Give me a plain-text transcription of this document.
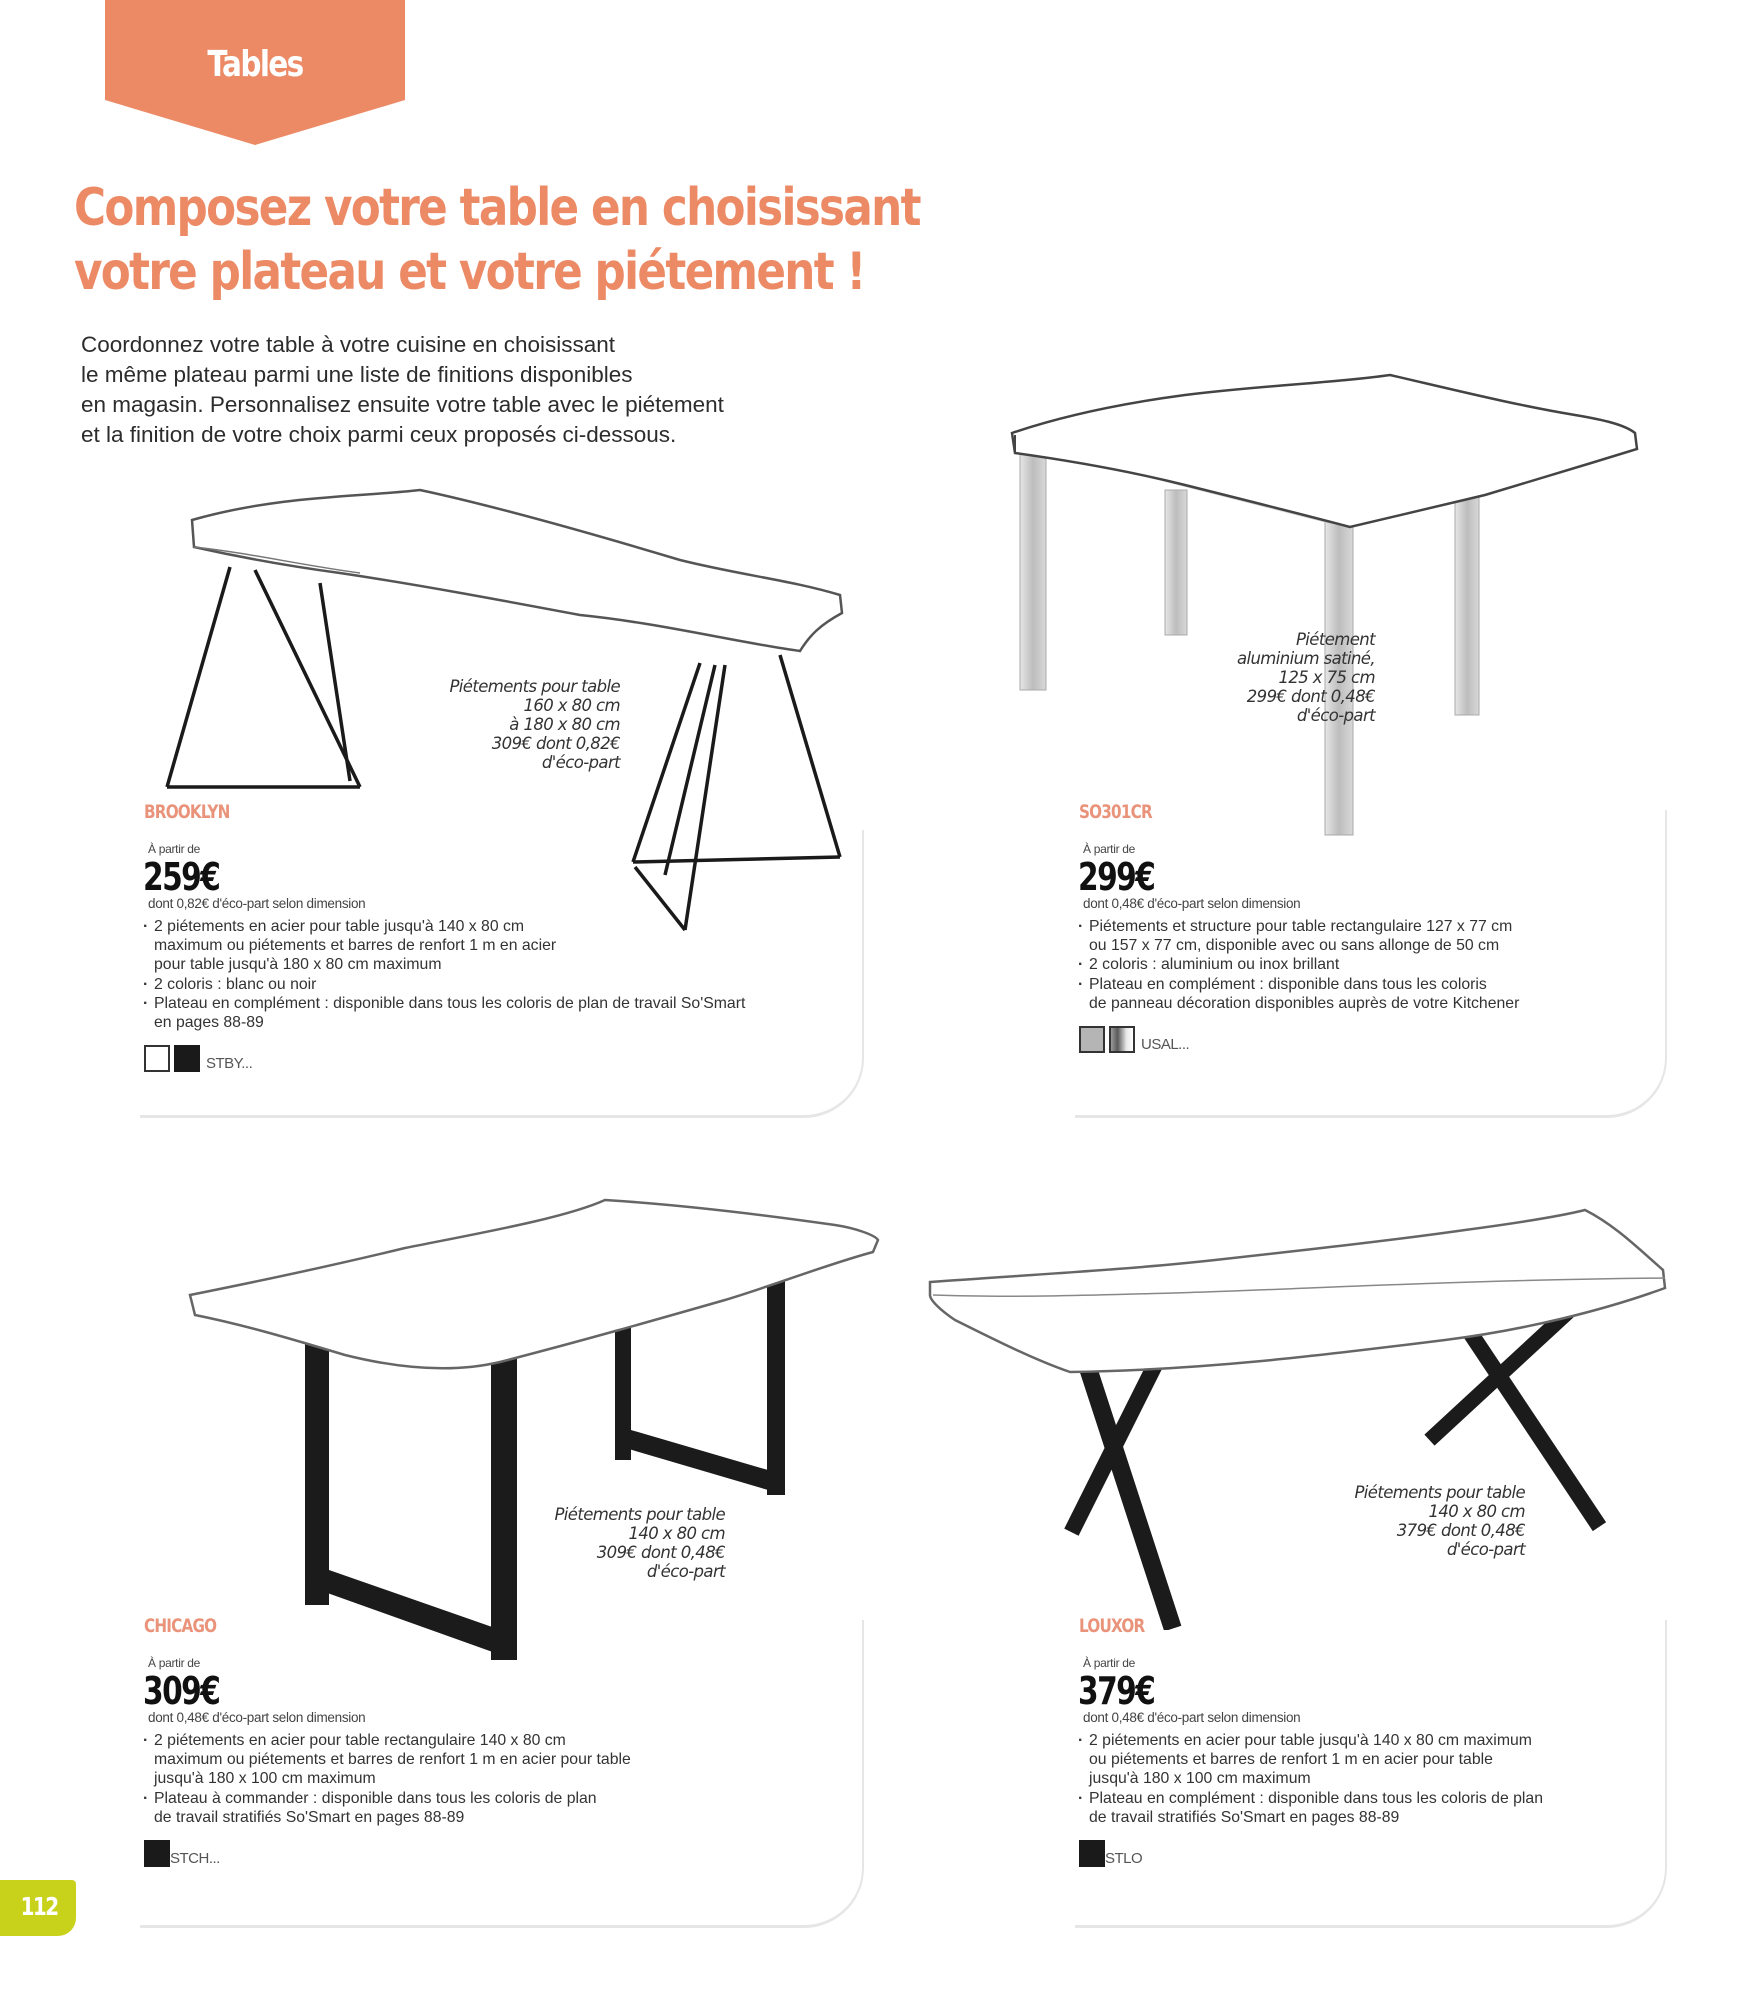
Tables
Composez votre table en choisissant
votre plateau et votre piétement !
Coordonnez votre table à votre cuisine en choisissant
le même plateau parmi une liste de finitions disponibles
en magasin. Personnalisez ensuite votre table avec le piétement
et la finition de votre choix parmi ceux proposés ci-dessous.
Piétements pour table
160 x 80 cm
à 180 x 80 cm
309€ dont 0,82€
d'éco-part
BROOKLYN
À partir de
259€
dont 0,82€ d'éco-part selon dimension
· 2 piétements en acier pour table jusqu'à 140 x 80 cm
maximum ou piétements et barres de renfort 1 m en acier
pour table jusqu'à 180 x 80 cm maximum
· 2 coloris : blanc ou noir
· Plateau en complément : disponible dans tous les coloris de plan de travail So'Smart
en pages 88-89
STBY...
Piétement
aluminium satiné,
125 x 75 cm
299€ dont 0,48€
d'éco-part
SO301CR
À partir de
299€
dont 0,48€ d'éco-part selon dimension
· Piétements et structure pour table rectangulaire 127 x 77 cm
ou 157 x 77 cm, disponible avec ou sans allonge de 50 cm
· 2 coloris : aluminium ou inox brillant
· Plateau en complément : disponible dans tous les coloris
de panneau décoration disponibles auprès de votre Kitchener
USAL...
Piétements pour table
140 x 80 cm
309€ dont 0,48€
d'éco-part
CHICAGO
À partir de
309€
dont 0,48€ d'éco-part selon dimension
· 2 piétements en acier pour table rectangulaire 140 x 80 cm
maximum ou piétements et barres de renfort 1 m en acier pour table
jusqu'à 180 x 100 cm maximum
· Plateau à commander : disponible dans tous les coloris de plan
de travail stratifiés So'Smart en pages 88-89
STCH...
Piétements pour table
140 x 80 cm
379€ dont 0,48€
d'éco-part
LOUXOR
À partir de
379€
dont 0,48€ d'éco-part selon dimension
· 2 piétements en acier pour table jusqu'à 140 x 80 cm maximum
ou piétements et barres de renfort 1 m en acier pour table
jusqu'à 180 x 100 cm maximum
· Plateau en complément : disponible dans tous les coloris de plan
de travail stratifiés So'Smart en pages 88-89
STLO
112
